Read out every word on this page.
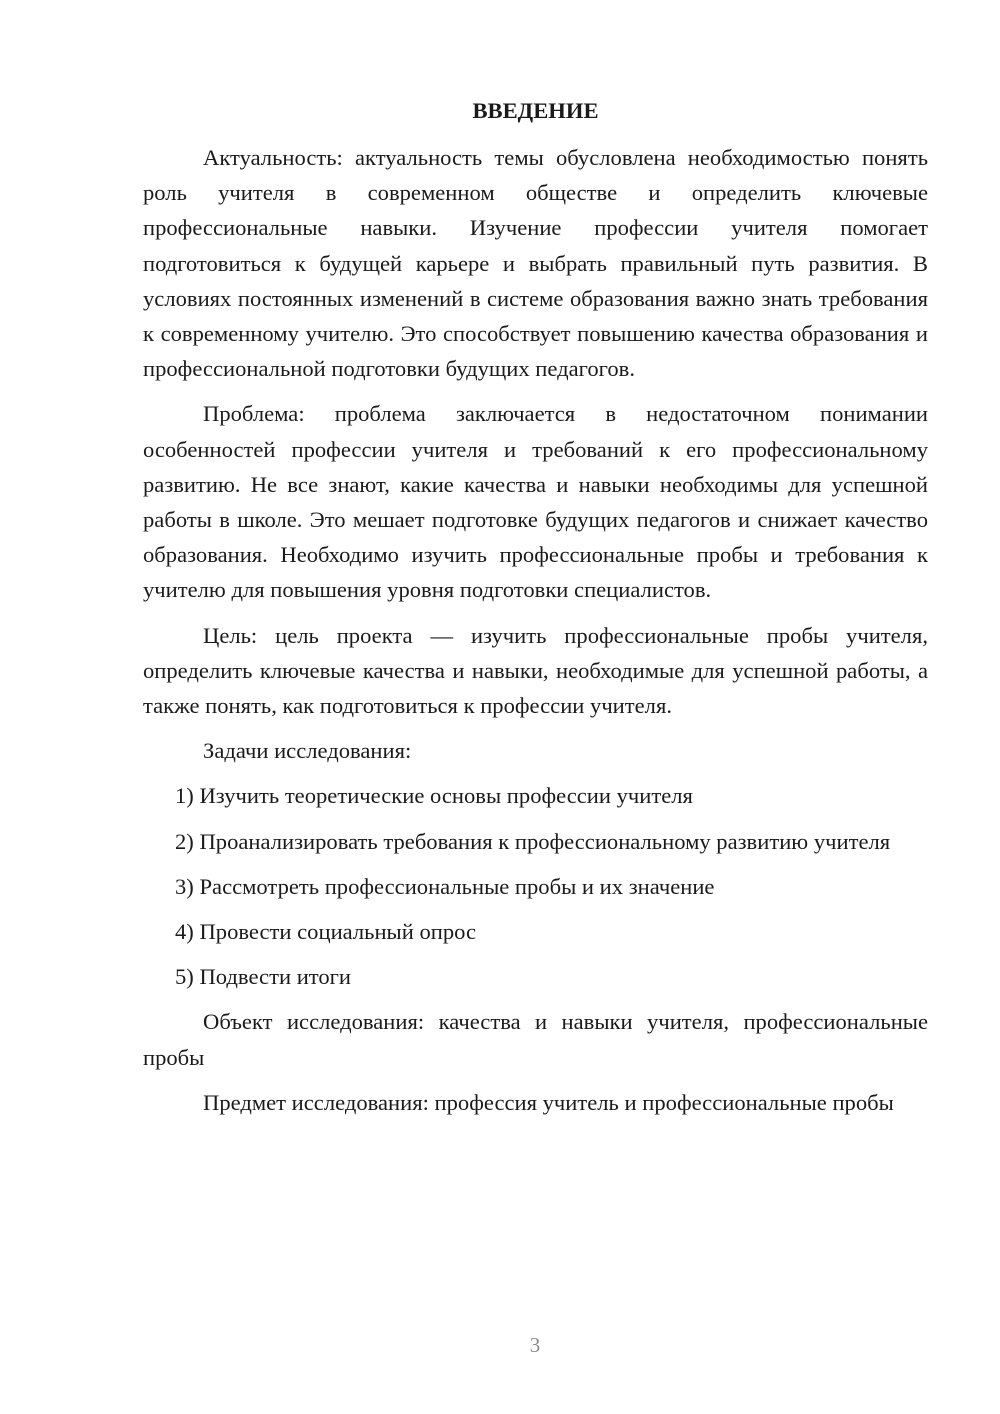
ВВЕДЕНИЕ

Актуальность: актуальность темы обусловлена необходимостью понять роль учителя в современном обществе и определить ключевые профессиональные навыки. Изучение профессии учителя помогает подготовиться к будущей карьере и выбрать правильный путь развития. В условиях постоянных изменений в системе образования важно знать требования к современному учителю. Это способствует повышению качества образования и профессиональной подготовки будущих педагогов.

Проблема: проблема заключается в недостаточном понимании особенностей профессии учителя и требований к его профессиональному развитию. Не все знают, какие качества и навыки необходимы для успешной работы в школе. Это мешает подготовке будущих педагогов и снижает качество образования. Необходимо изучить профессиональные пробы и требования к учителю для повышения уровня подготовки специалистов.

Цель: цель проекта — изучить профессиональные пробы учителя, определить ключевые качества и навыки, необходимые для успешной работы, а также понять, как подготовиться к профессии учителя.

Задачи исследования:

1) Изучить теоретические основы профессии учителя

2) Проанализировать требования к профессиональному развитию учителя

3) Рассмотреть профессиональные пробы и их значение

4) Провести социальный опрос

5) Подвести итоги

Объект исследования: качества и навыки учителя, профессиональные пробы

Предмет исследования: профессия учитель и профессиональные пробы

3
